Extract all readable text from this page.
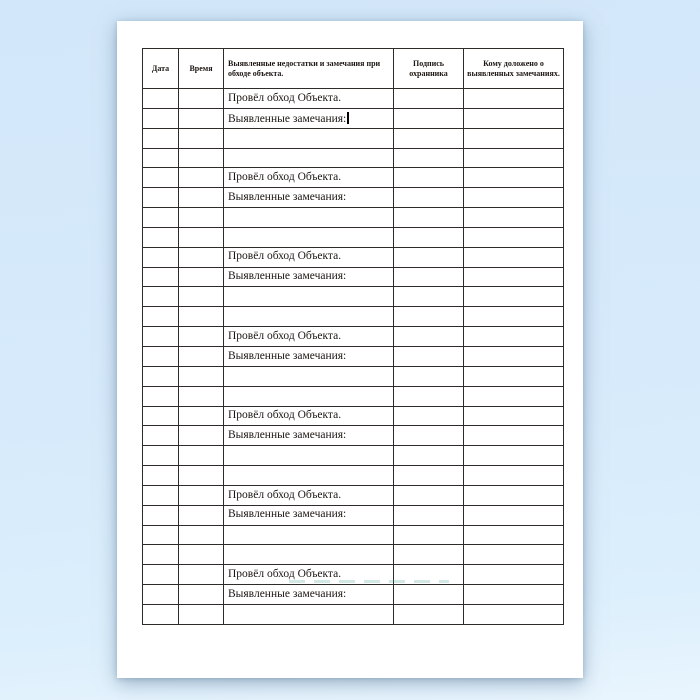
Дата	Время	Выявленные недостатки и замечания при обходе объекта.	Подпись охранника	Кому доложено о выявленных замечаниях.
		Провёл обход Объекта.		
		Выявленные замечания:		

		Провёл обход Объекта.		
		Выявленные замечания:		

		Провёл обход Объекта.		
		Выявленные замечания:		

		Провёл обход Объекта.		
		Выявленные замечания:		

		Провёл обход Объекта.		
		Выявленные замечания:		

		Провёл обход Объекта.		
		Выявленные замечания:		

		Провёл обход Объекта.		
		Выявленные замечания:		
